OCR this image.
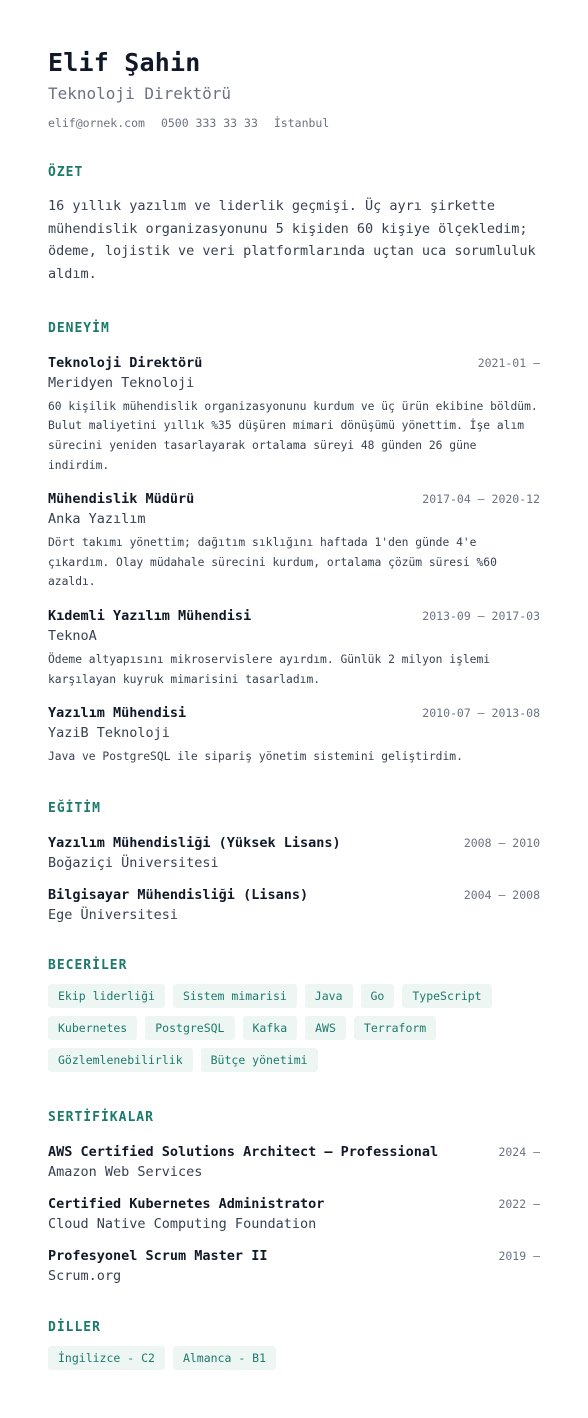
Elif Şahin
Teknoloji Direktörü
elif@ornek.com 0500 333 33 33 İstanbul
ÖZET

16 yıllık yazılım ve liderlik geçmişi. Üç ayrı şirkette mühendislik organizasyonunu 5 kişiden 60 kişiye ölçekledim; ödeme, lojistik ve veri platformlarında uçtan uca sorumluluk aldım.

DENEYİM
Teknoloji Direktörü	2021-01 –
Meridyen Teknoloji
60 kişilik mühendislik organizasyonunu kurdum ve üç ürün ekibine böldüm. Bulut maliyetini yıllık %35 düşüren mimari dönüşümü yönettim. İşe alım sürecini yeniden tasarlayarak ortalama süreyi 48 günden 26 güne indirdim.
Mühendislik Müdürü	2017-04 – 2020-12
Anka Yazılım
Dört takımı yönettim; dağıtım sıklığını haftada 1'den günde 4'e çıkardım. Olay müdahale sürecini kurdum, ortalama çözüm süresi %60 azaldı.
Kıdemli Yazılım Mühendisi	2013-09 – 2017-03
TeknoA
Ödeme altyapısını mikroservislere ayırdım. Günlük 2 milyon işlemi karşılayan kuyruk mimarisini tasarladım.
Yazılım Mühendisi	2010-07 – 2013-08
YaziB Teknoloji
Java ve PostgreSQL ile sipariş yönetim sistemini geliştirdim.
EĞİTİM
Yazılım Mühendisliği (Yüksek Lisans)	2008 – 2010
Boğaziçi Üniversitesi
Bilgisayar Mühendisliği (Lisans)	2004 – 2008
Ege Üniversitesi
BECERİLER
Ekip liderliği	Sistem mimarisi	Java	Go	TypeScript
Kubernetes	PostgreSQL	Kafka	AWS	Terraform
Gözlemlenebilirlik	Bütçe yönetimi
SERTİFİKALAR
AWS Certified Solutions Architect — Professional	2024 –
Amazon Web Services
Certified Kubernetes Administrator	2022 –
Cloud Native Computing Foundation
Profesyonel Scrum Master II	2019 –
Scrum.org
DİLLER
İngilizce - C2	Almanca - B1
